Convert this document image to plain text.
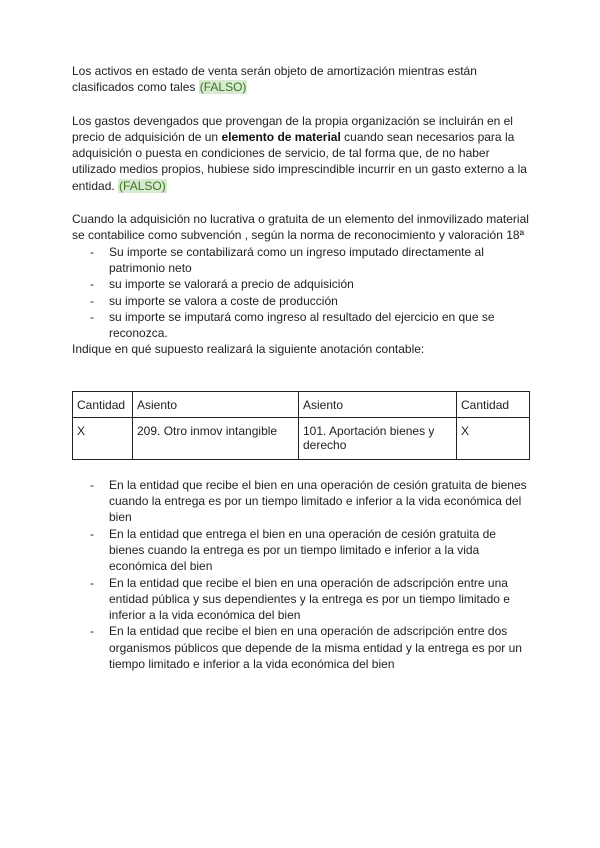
Los activos en estado de venta serán objeto de amortización mientras están clasificados como tales (FALSO)

Los gastos devengados que provengan de la propia organización se incluirán en el precio de adquisición de un elemento de material cuando sean necesarios para la adquisición o puesta en condiciones de servicio, de tal forma que, de no haber utilizado medios propios, hubiese sido imprescindible incurrir en un gasto externo a la entidad. (FALSO)

Cuando la adquisición no lucrativa o gratuita de un elemento del inmovilizado material se contabilice como subvención , según la norma de reconocimiento y valoración 18ª

- Su importe se contabilizará como un ingreso imputado directamente al patrimonio neto
- su importe se valorará a precio de adquisición
- su importe se valora a coste de producción
- su importe se imputará como ingreso al resultado del ejercicio en que se reconozca.

Indique en qué supuesto realizará la siguiente anotación contable:

Cantidad	Asiento	Asiento	Cantidad
X	209. Otro inmov intangible	101. Aportación bienes y derecho	X
- En la entidad que recibe el bien en una operación de cesión gratuita de bienes cuando la entrega es por un tiempo limitado e inferior a la vida económica del bien
- En la entidad que entrega el bien en una operación de cesión gratuita de bienes cuando la entrega es por un tiempo limitado e inferior a la vida económica del bien
- En la entidad que recibe el bien en una operación de adscripción entre una entidad pública y sus dependientes y la entrega es por un tiempo limitado e inferior a la vida económica del bien
- En la entidad que recibe el bien en una operación de adscripción entre dos organismos públicos que depende de la misma entidad y la entrega es por un tiempo limitado e inferior a la vida económica del bien
